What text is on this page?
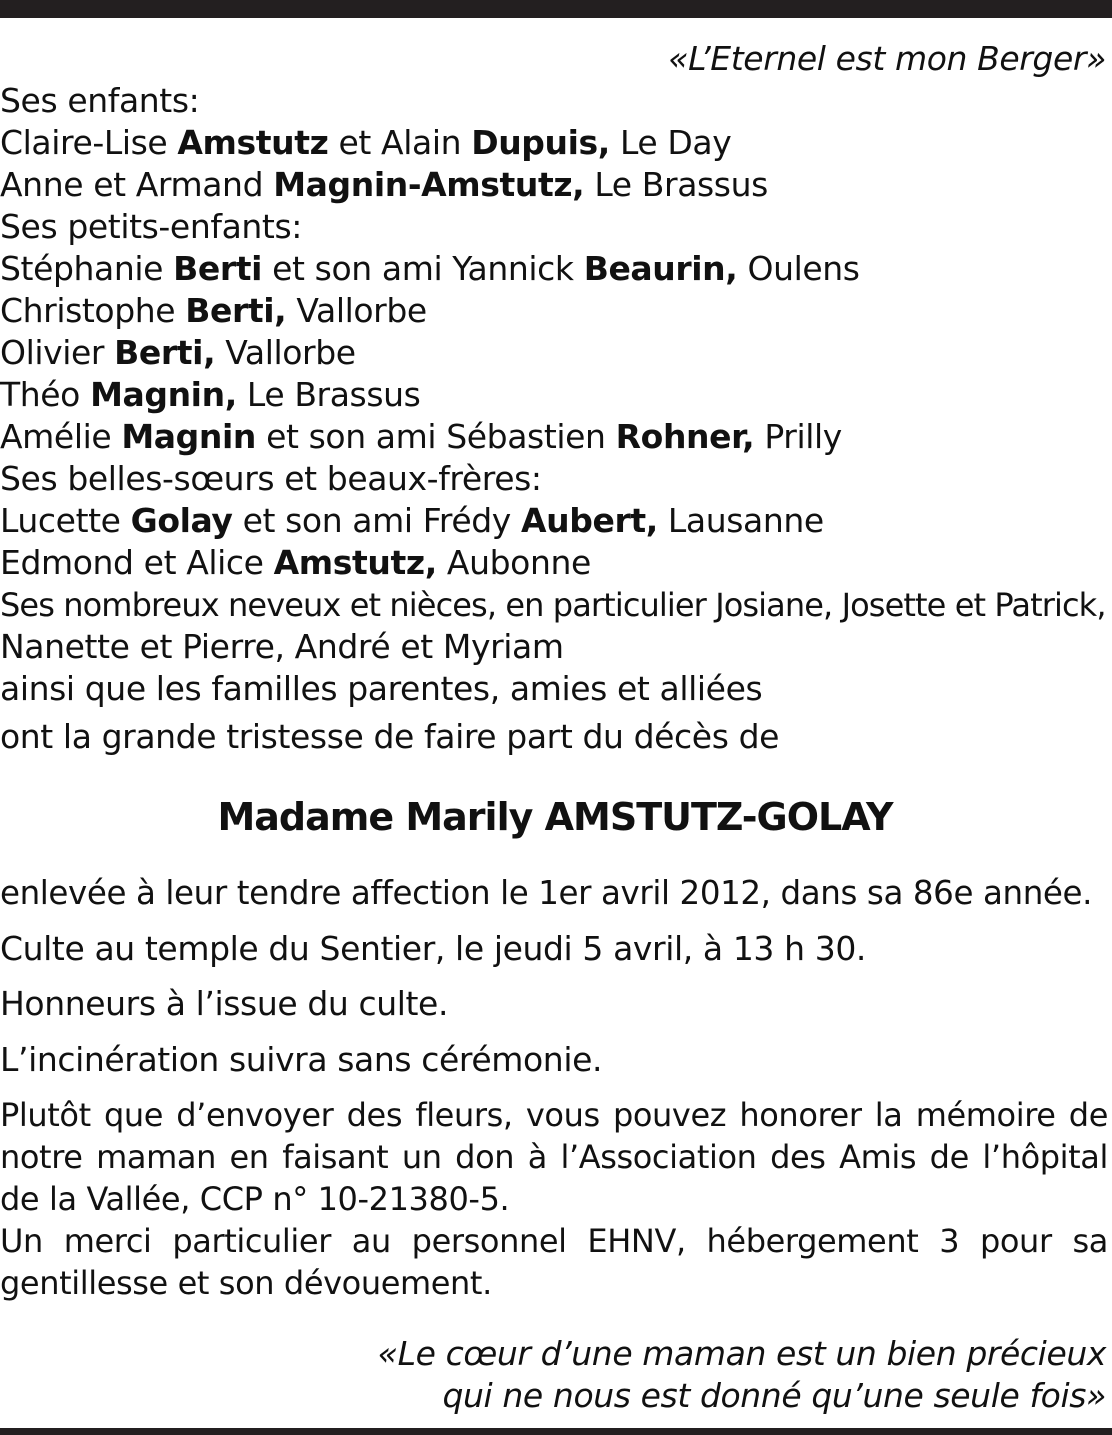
«L’Eternel est mon Berger»
Ses enfants:
Claire-Lise Amstutz et Alain Dupuis, Le Day
Anne et Armand Magnin-Amstutz, Le Brassus
Ses petits-enfants:
Stéphanie Berti et son ami Yannick Beaurin, Oulens
Christophe Berti, Vallorbe
Olivier Berti, Vallorbe
Théo Magnin, Le Brassus
Amélie Magnin et son ami Sébastien Rohner, Prilly
Ses belles-sœurs et beaux-frères:
Lucette Golay et son ami Frédy Aubert, Lausanne
Edmond et Alice Amstutz, Aubonne
Ses nombreux neveux et nièces, en particulier Josiane, Josette et Patrick,
Nanette et Pierre, André et Myriam
ainsi que les familles parentes, amies et alliées
ont la grande tristesse de faire part du décès de
Madame Marily AMSTUTZ-GOLAY
enlevée à leur tendre affection le 1er avril 2012, dans sa 86e année.
Culte au temple du Sentier, le jeudi 5 avril, à 13 h 30.
Honneurs à l’issue du culte.
L’incinération suivra sans cérémonie.
Plutôt que d’envoyer des fleurs, vous pouvez honorer la mémoire de notre maman en faisant un don à l’Association des Amis de l’hôpital de la Vallée, CCP n° 10-21380-5.
Un merci particulier au personnel EHNV, hébergement 3 pour sa gentillesse et son dévouement.
«Le cœur d’une maman est un bien précieux
qui ne nous est donné qu’une seule fois»
